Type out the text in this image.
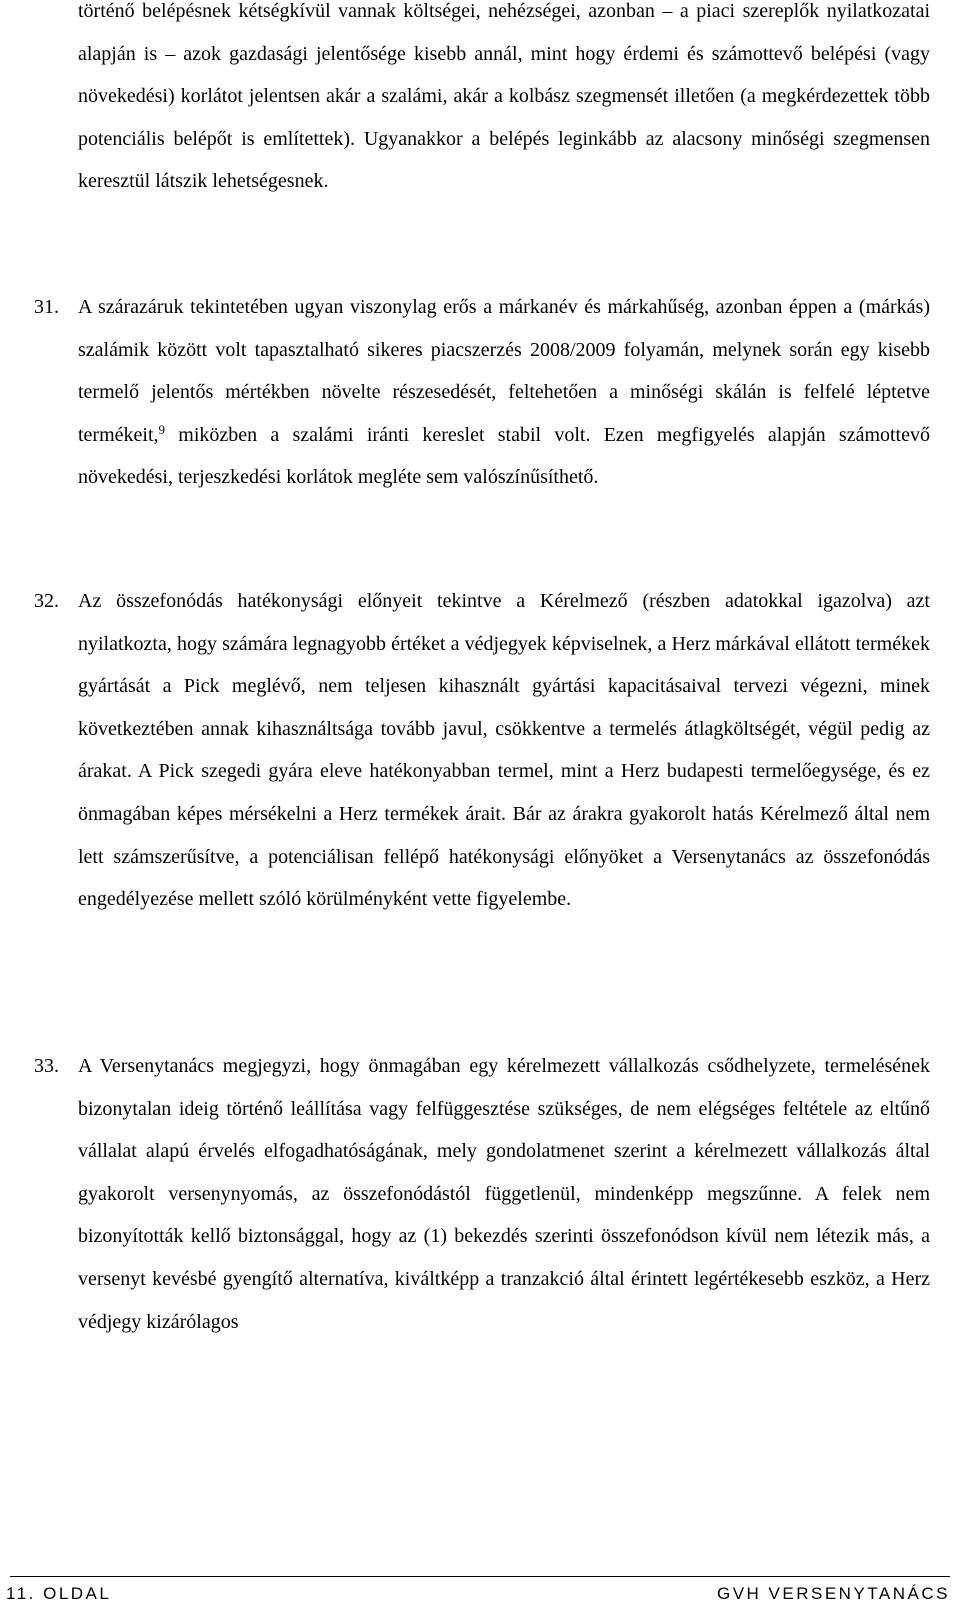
történő belépésnek kétségkívül vannak költségei, nehézségei, azonban – a piaci szereplők nyilatkozatai alapján is – azok gazdasági jelentősége kisebb annál, mint hogy érdemi és számottevő belépési (vagy növekedési) korlátot jelentsen akár a szalámi, akár a kolbász szegmensét illetően (a megkérdezettek több potenciális belépőt is említettek). Ugyanakkor a belépés leginkább az alacsony minőségi szegmensen keresztül látszik lehetségesnek.

31. A szárazáruk tekintetében ugyan viszonylag erős a márkanév és márkahűség, azonban éppen a (márkás) szalámik között volt tapasztalható sikeres piacszerzés 2008/2009 folyamán, melynek során egy kisebb termelő jelentős mértékben növelte részesedését, feltehetően a minőségi skálán is felfelé léptetve termékeit,$^9$ miközben a szalámi iránti kereslet stabil volt. Ezen megfigyelés alapján számottevő növekedési, terjeszkedési korlátok megléte sem valószínűsíthető.
32. Az összefonódás hatékonysági előnyeit tekintve a Kérelmező (részben adatokkal igazolva) azt nyilatkozta, hogy számára legnagyobb értéket a védjegyek képviselnek, a Herz márkával ellátott termékek gyártását a Pick meglévő, nem teljesen kihasznált gyártási kapacitásaival tervezi végezni, minek következtében annak kihasználtsága tovább javul, csökkentve a termelés átlagköltségét, végül pedig az árakat. A Pick szegedi gyára eleve hatékonyabban termel, mint a Herz budapesti termelőegysége, és ez önmagában képes mérsékelni a Herz termékek árait. Bár az árakra gyakorolt hatás Kérelmező által nem lett számszerűsítve, a potenciálisan fellépő hatékonysági előnyöket a Versenytanács az összefonódás engedélyezése mellett szóló körülményként vette figyelembe.
33. A Versenytanács megjegyzi, hogy önmagában egy kérelmezett vállalkozás csődhelyzete, termelésének bizonytalan ideig történő leállítása vagy felfüggesztése szükséges, de nem elégséges feltétele az eltűnő vállalat alapú érvelés elfogadhatóságának, mely gondolatmenet szerint a kérelmezett vállalkozás által gyakorolt versenynyomás, az összefonódástól függetlenül, mindenképp megszűnne. A felek nem bizonyították kellő biztonsággal, hogy az (1) bekezdés szerinti összefonódson kívül nem létezik más, a versenyt kevésbé gyengítő alternatíva, kiváltképp a tranzakció által érintett legértékesebb eszköz, a Herz védjegy kizárólagos
11. OLDAL	GVH VERSENYTANÁCS
